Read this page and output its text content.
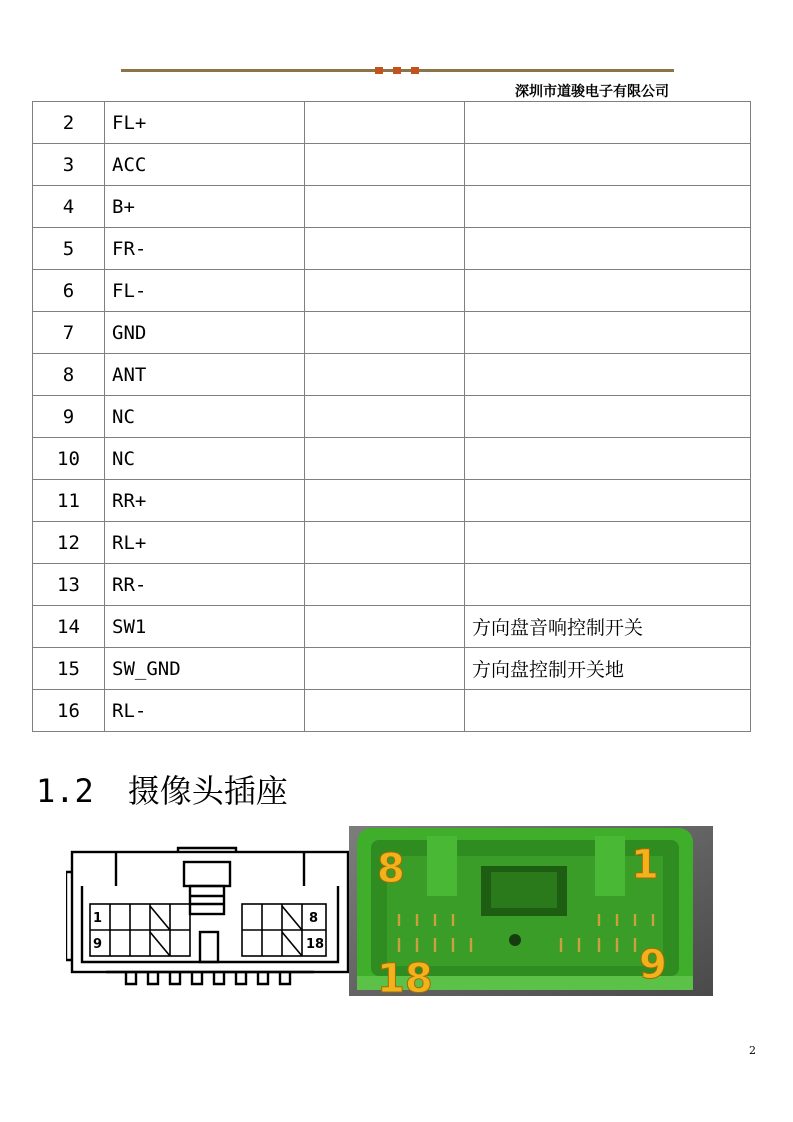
深圳市道骏电子有限公司
2	FL+		
3	ACC		
4	B+		
5	FR-		
6	FL-		
7	GND		
8	ANT		
9	NC		
10	NC		
11	RR+		
12	RL+		
13	RR-		
14	SW1		方向盘音响控制开关
15	SW_GND		方向盘控制开关地
16	RL-		
1.2 摄像头插座
1
9
8
18
8	1
18	9
2
